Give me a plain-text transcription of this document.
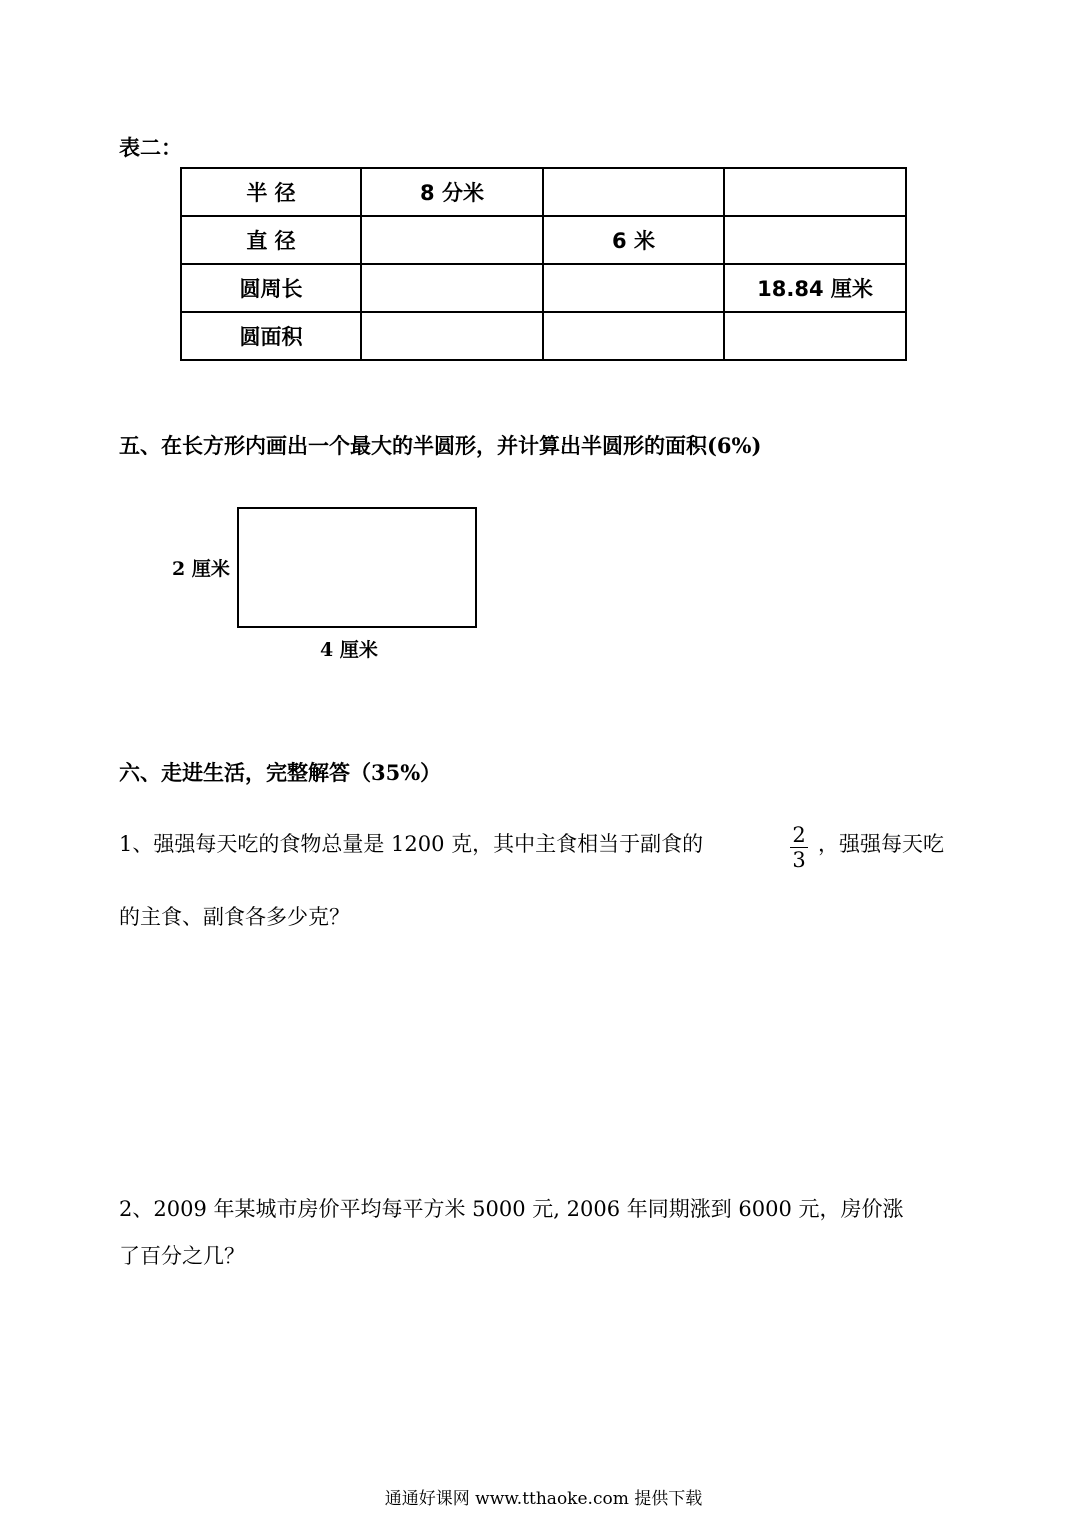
表二：
半 径	8 分米		
直 径		6 米	
圆周长			18.84 厘米
圆面积			
五、在长方形内画出一个最大的半圆形，并计算出半圆形的面积(6%)
2 厘米
4 厘米
六、走进生活，完整解答（35%）
1、强强每天吃的食物总量是 1200 克，其中主食相当于副食的	2
3
，强强每天吃
的主食、副食各多少克？
2、2009 年某城市房价平均每平方米 5000 元, 2006 年同期涨到 6000 元，房价涨
了百分之几？
通通好课网 www.tthaoke.com 提供下载
